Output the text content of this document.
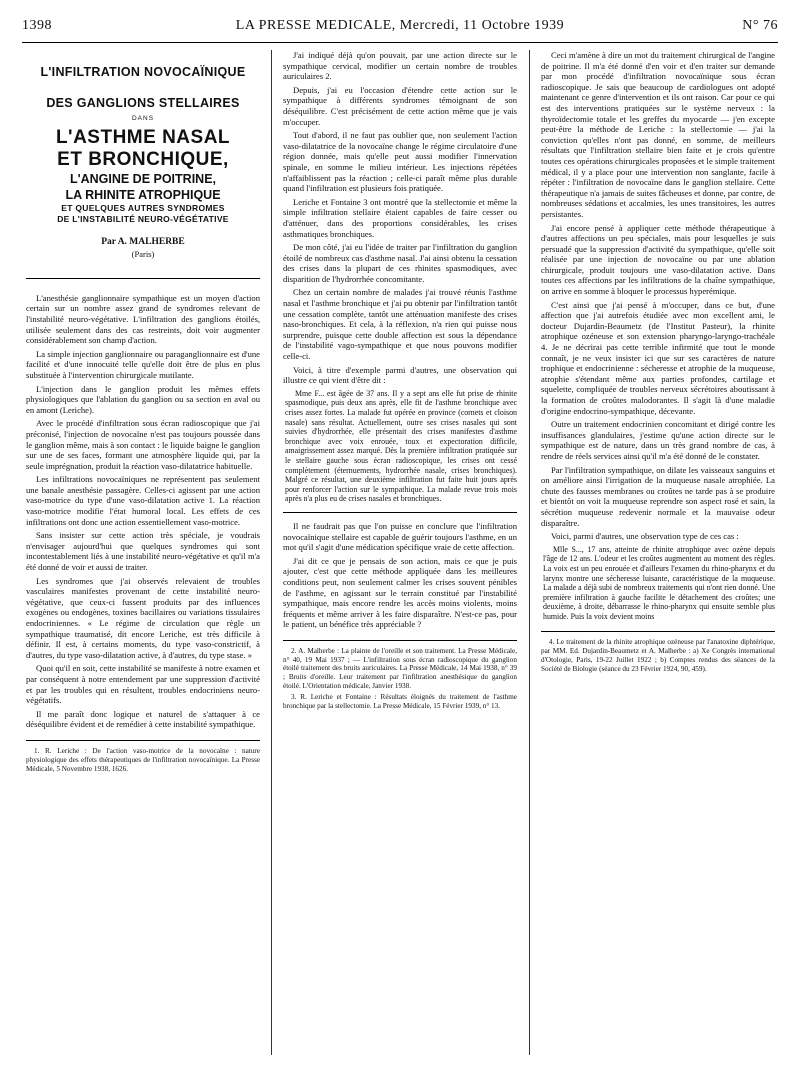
1398	LA PRESSE MEDICALE, Mercredi, 11 Octobre 1939	N° 76
L'INFILTRATION NOVOCAÏNIQUE
DES GANGLIONS STELLAIRES
DANS
L'ASTHME NASAL
ET BRONCHIQUE,
L'ANGINE DE POITRINE,
LA RHINITE ATROPHIQUE
ET QUELQUES AUTRES SYNDROMES
DE L'INSTABILITÉ NEURO-VÉGÉTATIVE
Par A. MALHERBE
(Paris)

L'anesthésie ganglionnaire sympathique est un moyen d'action certain sur un nombre assez grand de syndromes relevant de l'instabilité neuro-végétative. L'infiltration des ganglions étoilés, utilisée seulement dans des cas restreints, doit voir augmenter considérablement son champ d'action.

La simple injection ganglionnaire ou paraganglionnaire est d'une facilité et d'une innocuité telle qu'elle doit être de plus en plus substituée à l'intervention chirurgicale mutilante.

L'injection dans le ganglion produit les mêmes effets physiologiques que l'ablation du ganglion ou sa section en aval ou en amont (Leriche).

Avec le procédé d'infiltration sous écran radioscopique que j'ai préconisé, l'injection de novocaïne n'est pas toujours poussée dans le ganglion même, mais à son contact : le liquide baigne le ganglion sur une de ses faces, formant une atmosphère liquide qui, par la seule imprégnation, produit la réaction vaso-dilatatrice habituelle.

Les infiltrations novocaïniques ne représentent pas seulement une banale anesthésie passagère. Celles-ci agissent par une action vaso-motrice du type d'une vaso-dilatation active 1. La réaction vaso-motrice modifie l'état humoral local. Les effets de ces infiltrations ont donc une action essentiellement vaso-motrice.

Sans insister sur cette action très spéciale, je voudrais n'envisager aujourd'hui que quelques syndromes qui sont incontestablement liés à une instabilité neuro-végétative et qu'il m'a été donné de voir et aussi de traiter.

Les syndromes que j'ai observés relevaient de troubles vasculaires manifestes provenant de cette instabilité neuro-végétative, que ceux-ci fussent produits par des influences exogènes ou endogènes, toxines bacillaires ou variations tissulaires endocriniennes. « Le régime de circulation que règle un sympathique traumatisé, dit encore Leriche, est très difficile à définir. Il est, à certains moments, du type vaso-constrictif, à d'autres, du type vaso-dilatation active, à d'autres, du type stase. »

Quoi qu'il en soit, cette instabilité se manifeste à notre examen et par conséquent à notre entendement par une suppression d'activité et par les troubles qui en résultent, troubles endocriniens neuro-végétatifs.

Il me paraît donc logique et naturel de s'attaquer à ce déséquilibre évident et de remédier à cette instabilité sympathique.

1. R. Leriche : De l'action vaso-motrice de la novocaïne : nature physiologique des effets thérapeutiques de l'infiltration novocaïnique. La Presse Médicale, 5 Novembre 1938, 1626.

J'ai indiqué déjà qu'on pouvait, par une action directe sur le sympathique cervical, modifier un certain nombre de troubles auriculaires 2.

Depuis, j'ai eu l'occasion d'étendre cette action sur le sympathique à différents syndromes témoignant de son déséquilibre. C'est précisément de cette action même que je vais m'occuper.

Tout d'abord, il ne faut pas oublier que, non seulement l'action vaso-dilatatrice de la novocaïne change le régime circulatoire d'une région donnée, mais qu'elle peut aussi modifier l'innervation spinale, en somme le milieu intérieur. Les injections répétées n'affaiblissent pas la réaction ; celle-ci paraît même plus durable quand l'infiltration est plusieurs fois pratiquée.

Leriche et Fontaine 3 ont montré que la stellectomie et même la simple infiltration stellaire étaient capables de faire cesser ou d'atténuer, dans des proportions considérables, les crises asthmatiques bronchiques.

De mon côté, j'ai eu l'idée de traiter par l'infiltration du ganglion étoilé de nombreux cas d'asthme nasal. J'ai ainsi obtenu la cessation des crises dans la plupart de ces rhinites spasmodiques, avec disparition de l'hydrorrhée concomitante.

Chez un certain nombre de malades j'ai trouvé réunis l'asthme nasal et l'asthme bronchique et j'ai pu obtenir par l'infiltration tantôt une cessation complète, tantôt une atténuation manifeste des crises naso-bronchiques. Et cela, à la réflexion, n'a rien qui puisse nous surprendre, puisque cette double affection est sous la dépendance de l'instabilité vago-sympathique et que nous pouvons modifier celle-ci.

Voici, à titre d'exemple parmi d'autres, une observation qui illustre ce qui vient d'être dit :

Mme F... est âgée de 37 ans. Il y a sept ans elle fut prise de rhinite spasmodique, puis deux ans après, elle fit de l'asthme bronchique avec crises assez fortes. La malade fut opérée en province (cornets et cloison nasale) sans résultat. Actuellement, outre ses crises nasales qui sont suivies d'hydrorrhée, elle présentait des crises manifestes d'asthme bronchique avec voix enrouée, toux et expectoration difficile, amaigrissement assez marqué. Dès la première infiltration pratiquée sur le stellaire gauche sous écran radioscopique, les crises ont cessé complètement (éternuements, hydrorrhée nasale, crises bronchiques). Malgré ce résultat, une deuxième infiltration fut faite huit jours après pour renforcer l'action sur le sympathique. La malade revue trois mois après n'a plus eu de crises nasales et bronchiques.

Il ne faudrait pas que l'on puisse en conclure que l'infiltration novocaïnique stellaire est capable de guérir toujours l'asthme, en un mot qu'il s'agit d'une médication spécifique vraie de cette affection.

J'ai dit ce que je pensais de son action, mais ce que je puis ajouter, c'est que cette méthode appliquée dans les meilleures conditions peut, non seulement calmer les crises souvent pénibles de l'asthme, en agissant sur le terrain constitué par l'instabilité sympathique, mais encore rendre les accès moins violents, moins fréquents et même arriver à les faire disparaître. N'est-ce pas, pour le patient, un bénéfice très appréciable ?

2. A. Malherbe : La plainte de l'oreille et son traitement. La Presse Médicale, n° 40, 19 Mai 1937 ; — L'infiltration sous écran radioscopique du ganglion étoilé traitement des bruits auriculaires. La Presse Médicale, 14 Mai 1938, n° 39 ; Bruits d'oreille. Leur traitement par l'infiltration anesthésique du ganglion étoilé. L'Orientation médicale, Janvier 1938.

3. R. Leriche et Fontaine : Résultats éloignés du traitement de l'asthme bronchique par la stellectomie. La Presse Médicale, 15 Février 1939, n° 13.

Ceci m'amène à dire un mot du traitement chirurgical de l'angine de poitrine. Il m'a été donné d'en voir et d'en traiter sur demande par mon procédé d'infiltration novocaïnique sous écran radioscopique. Je sais que beaucoup de cardiologues ont adopté maintenant ce genre d'intervention et ils ont raison. Car pour ce qui est des interventions pratiquées sur le système nerveux : la thyroïdectomie totale et les greffes du myocarde — j'en excepte peut-être la méthode de Leriche : la stellectomie — j'ai la conviction qu'elles n'ont pas donné, en somme, de meilleurs résultats que l'infiltration stellaire bien faite et je crois qu'entre toutes ces opérations chirurgicales proposées et le simple traitement médical, il y a place pour une intervention non sanglante, facile à répéter : l'infiltration de novocaïne dans le ganglion stellaire. Cette thérapeutique n'a jamais de suites fâcheuses et donne, par contre, de nombreuses sédations et accalmies, les unes transitoires, les autres persistantes.

J'ai encore pensé à appliquer cette méthode thérapeutique à d'autres affections un peu spéciales, mais pour lesquelles je suis persuadé que la suppression d'activité du sympathique, qu'elle soit réalisée par une injection de novocaïne ou par une ablation chirurgicale, produit toujours une vaso-dilatation active. Dans toutes ces affections par les infiltrations de la chaîne sympathique, on arrive en somme à bloquer le processus hyperémique.

C'est ainsi que j'ai pensé à m'occuper, dans ce but, d'une affection que j'ai autrefois étudiée avec mon excellent ami, le docteur Dujardin-Beaumetz (de l'Institut Pasteur), la rhinite atrophique ozéneuse et son extension pharyngo-laryngo-trachéale 4. Je ne décrirai pas cette terrible infirmité que tout le monde connaît, je ne veux insister ici que sur ses caractères de nature trophique et endocrinienne : sécheresse et atrophie de la muqueuse, atrophie s'étendant même aux parties profondes, cartilage et squelette, compliquée de troubles nerveux sécrétoires aboutissant à la formation de croûtes malodorantes. Il s'agit là d'une maladie d'origine endocrino-sympathique, décevante.

Outre un traitement endocrinien concomitant et dirigé contre les insuffisances glandulaires, j'estime qu'une action directe sur le sympathique est de nature, dans un très grand nombre de cas, à rendre de réels services ainsi qu'il m'a été donné de le constater.

Par l'infiltration sympathique, on dilate les vaisseaux sanguins et on améliore ainsi l'irrigation de la muqueuse nasale atrophiée. La chute des fausses membranes ou croûtes ne tarde pas à se produire et bientôt on voit la muqueuse reprendre son aspect rosé et sain, la sécrétion muqueuse redevenir normale et la mauvaise odeur disparaître.

Voici, parmi d'autres, une observation type de ces cas :

Mlle S..., 17 ans, atteinte de rhinite atrophique avec ozène depuis l'âge de 12 ans. L'odeur et les croûtes augmentent au moment des règles. La voix est un peu enrouée et d'ailleurs l'examen du rhino-pharynx et du larynx montre une sécheresse luisante, caractéristique de la muqueuse. La malade a déjà subi de nombreux traitements qui n'ont rien donné. Une première infiltration à gauche facilite le détachement des croûtes; une deuxième, à droite, débarrasse le rhino-pharynx qui ensuite semble plus humide. Puis la voix devient moins

4. Le traitement de la rhinite atrophique ozéneuse par l'anatoxine diphtérique, par MM. Ed. Dujardin-Beaumetz et A. Malherbe : a) Xe Congrès international d'Otologie, Paris, 19-22 Juillet 1922 ; b) Comptes rendus des séances de la Société de Biologie (séance du 23 Février 1924, 90, 459).
